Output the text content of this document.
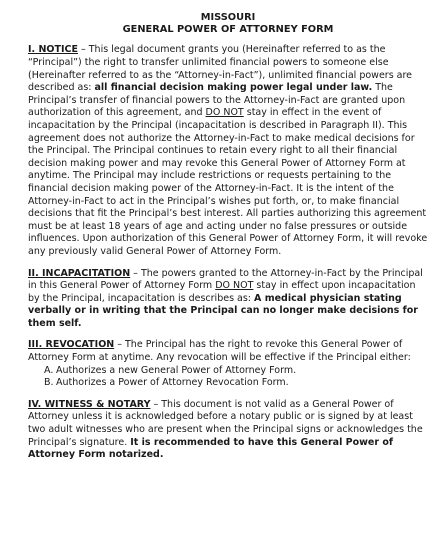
MISSOURI
GENERAL POWER OF ATTORNEY FORM
I. NOTICE – This legal document grants you (Hereinafter referred to as the “Principal”) the right to transfer unlimited financial powers to someone else (Hereinafter referred to as the “Attorney-in-Fact”), unlimited financial powers are described as: all financial decision making power legal under law. The Principal’s transfer of financial powers to the Attorney-in-Fact are granted upon authorization of this agreement, and DO NOT stay in effect in the event of incapacitation by the Principal (incapacitation is described in Paragraph II). This agreement does not authorize the Attorney-in-Fact to make medical decisions for the Principal. The Principal continues to retain every right to all their financial decision making power and may revoke this General Power of Attorney Form at anytime. The Principal may include restrictions or requests pertaining to the financial decision making power of the Attorney-in-Fact. It is the intent of the Attorney-in-Fact to act in the Principal’s wishes put forth, or, to make financial decisions that fit the Principal’s best interest. All parties authorizing this agreement must be at least 18 years of age and acting under no false pressures or outside influences. Upon authorization of this General Power of Attorney Form, it will revoke any previously valid General Power of Attorney Form.
II. INCAPACITATION – The powers granted to the Attorney-in-Fact by the Principal in this General Power of Attorney Form DO NOT stay in effect upon incapacitation by the Principal, incapacitation is describes as: A medical physician stating verbally or in writing that the Principal can no longer make decisions for them self.
III. REVOCATION – The Principal has the right to revoke this General Power of Attorney Form at anytime. Any revocation will be effective if the Principal either:
A. Authorizes a new General Power of Attorney Form.
B. Authorizes a Power of Attorney Revocation Form.
IV. WITNESS & NOTARY – This document is not valid as a General Power of Attorney unless it is acknowledged before a notary public or is signed by at least two adult witnesses who are present when the Principal signs or acknowledges the Principal’s signature. It is recommended to have this General Power of Attorney Form notarized.
